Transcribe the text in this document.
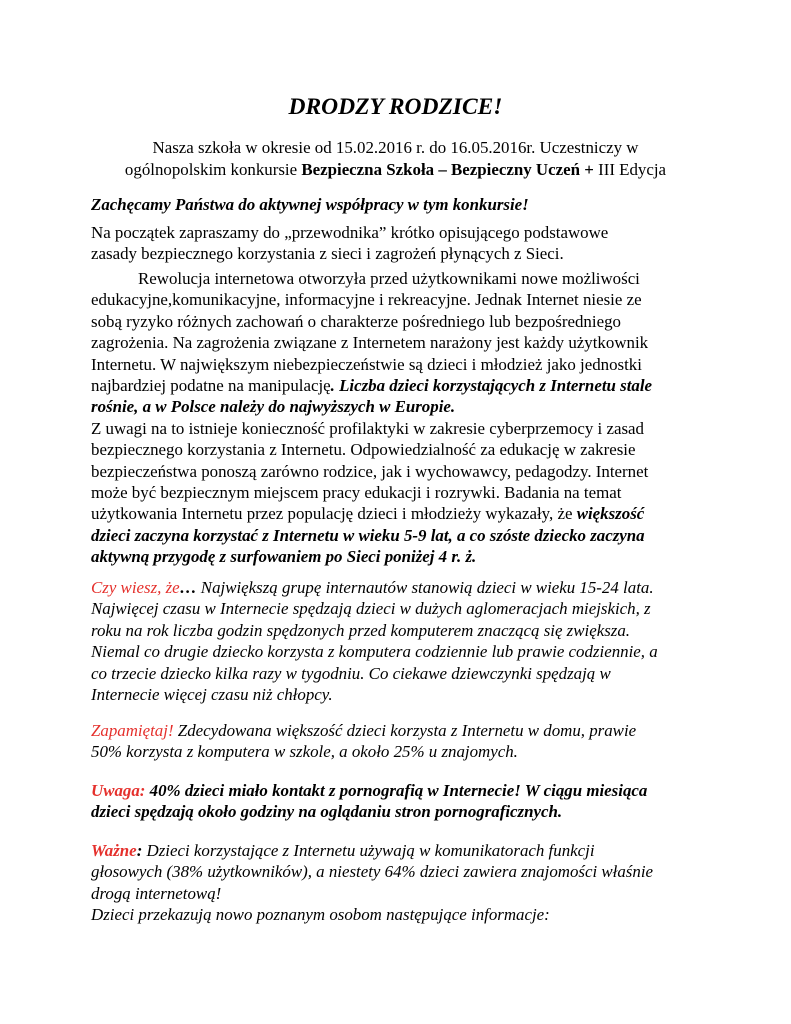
DRODZY RODZICE!
Nasza szkoła w okresie od 15.02.2016 r. do 16.05.2016r. Uczestniczy w
ogólnopolskim konkursie Bezpieczna Szkoła – Bezpieczny Uczeń + III Edycja
Zachęcamy Państwa do aktywnej współpracy w tym konkursie!
Na początek zapraszamy do „przewodnika” krótko opisującego podstawowe
zasady bezpiecznego korzystania z sieci i zagrożeń płynących z Sieci.
Rewolucja internetowa otworzyła przed użytkownikami nowe możliwości
edukacyjne,komunikacyjne, informacyjne i rekreacyjne. Jednak Internet niesie ze
sobą ryzyko różnych zachowań o charakterze pośredniego lub bezpośredniego
zagrożenia. Na zagrożenia związane z Internetem narażony jest każdy użytkownik
Internetu. W największym niebezpieczeństwie są dzieci i młodzież jako jednostki
najbardziej podatne na manipulację. Liczba dzieci korzystających z Internetu stale
rośnie, a w Polsce należy do najwyższych w Europie.
Z uwagi na to istnieje konieczność profilaktyki w zakresie cyberprzemocy i zasad
bezpiecznego korzystania z Internetu. Odpowiedzialność za edukację w zakresie
bezpieczeństwa ponoszą zarówno rodzice, jak i wychowawcy, pedagodzy. Internet
może być bezpiecznym miejscem pracy edukacji i rozrywki. Badania na temat
użytkowania Internetu przez populację dzieci i młodzieży wykazały, że większość
dzieci zaczyna korzystać z Internetu w wieku 5-9 lat, a co szóste dziecko zaczyna
aktywną przygodę z surfowaniem po Sieci poniżej 4 r. ż.
Czy wiesz, że… Największą grupę internautów stanowią dzieci w wieku 15-24 lata.
Najwięcej czasu w Internecie spędzają dzieci w dużych aglomeracjach miejskich, z
roku na rok liczba godzin spędzonych przed komputerem znaczącą się zwiększa.
Niemal co drugie dziecko korzysta z komputera codziennie lub prawie codziennie, a
co trzecie dziecko kilka razy w tygodniu. Co ciekawe dziewczynki spędzają w
Internecie więcej czasu niż chłopcy.
Zapamiętaj! Zdecydowana większość dzieci korzysta z Internetu w domu, prawie
50% korzysta z komputera w szkole, a około 25% u znajomych.
Uwaga: 40% dzieci miało kontakt z pornografią w Internecie! W ciągu miesiąca
dzieci spędzają około godziny na oglądaniu stron pornograficznych.
Ważne: Dzieci korzystające z Internetu używają w komunikatorach funkcji
głosowych (38% użytkowników), a niestety 64% dzieci zawiera znajomości właśnie
drogą internetową!
Dzieci przekazują nowo poznanym osobom następujące informacje:
